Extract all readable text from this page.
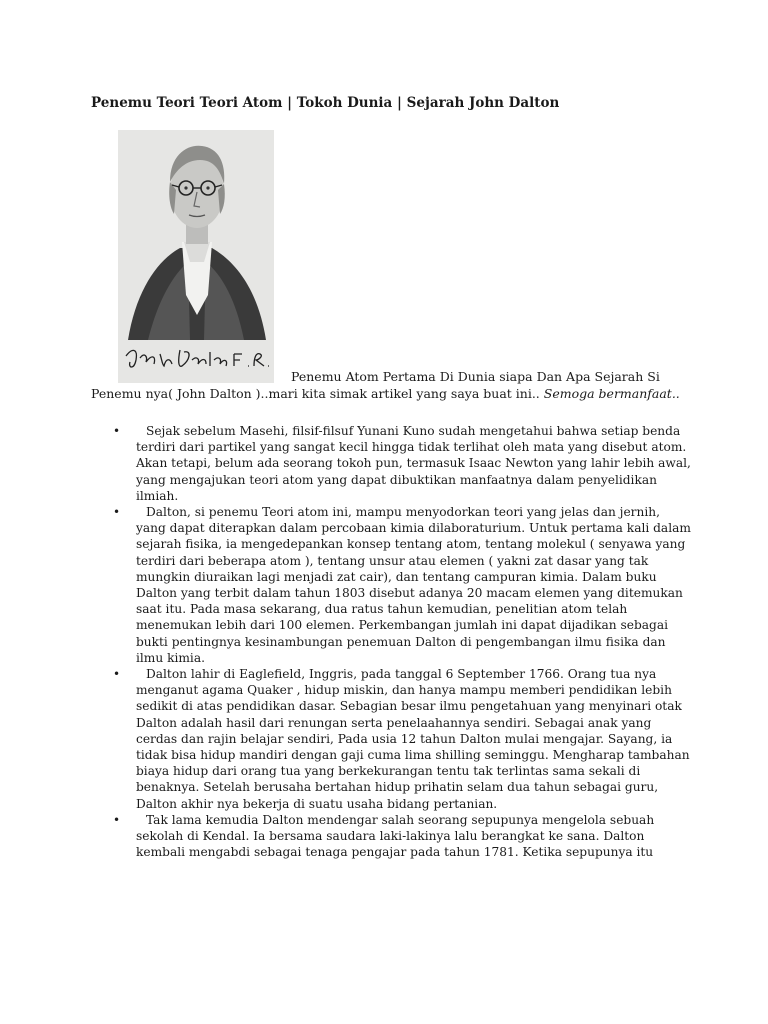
Penemu Teori Teori Atom | Tokoh Dunia | Sejarah John Dalton
Penemu Atom Pertama Di Dunia siapa Dan Apa Sejarah Si
Penemu nya( John Dalton )..mari kita simak artikel yang saya buat ini.. Semoga bermanfaat..
•	Sejak sebelum Masehi, filsif-filsuf Yunani Kuno sudah mengetahui bahwa setiap benda terdiri dari partikel yang sangat kecil hingga tidak terlihat oleh mata yang disebut atom. Akan tetapi, belum ada seorang tokoh pun, termasuk Isaac Newton yang lahir lebih awal, yang mengajukan teori atom yang dapat dibuktikan manfaatnya dalam penyelidikan ilmiah.
•	Dalton, si penemu Teori atom ini, mampu menyodorkan teori yang jelas dan jernih, yang dapat diterapkan dalam percobaan kimia dilaboraturium. Untuk pertama kali dalam sejarah fisika, ia mengedepankan konsep tentang atom, tentang molekul ( senyawa yang terdiri dari beberapa atom ), tentang unsur atau elemen ( yakni zat dasar yang tak mungkin diuraikan lagi menjadi zat cair), dan tentang campuran kimia. Dalam buku Dalton yang terbit dalam tahun 1803 disebut adanya 20 macam elemen yang ditemukan saat itu. Pada masa sekarang, dua ratus tahun kemudian, penelitian atom telah menemukan lebih dari 100 elemen. Perkembangan jumlah ini dapat dijadikan sebagai bukti pentingnya kesinambungan penemuan Dalton di pengembangan ilmu fisika dan ilmu kimia.
•	Dalton lahir di Eaglefield, Inggris, pada tanggal 6 September 1766. Orang tua nya menganut agama Quaker , hidup miskin, dan hanya mampu memberi pendidikan lebih sedikit di atas pendidikan dasar. Sebagian besar ilmu pengetahuan yang menyinari otak Dalton adalah hasil dari renungan serta penelaahannya sendiri. Sebagai anak yang cerdas dan rajin belajar sendiri, Pada usia 12 tahun Dalton mulai mengajar. Sayang, ia tidak bisa hidup mandiri dengan gaji cuma lima shilling seminggu. Mengharap tambahan biaya hidup dari orang tua yang berkekurangan tentu tak terlintas sama sekali di benaknya. Setelah berusaha bertahan hidup prihatin selam dua tahun sebagai guru, Dalton akhir nya bekerja di suatu usaha bidang pertanian.
•	Tak lama kemudia Dalton mendengar salah seorang sepupunya mengelola sebuah sekolah di Kendal. Ia bersama saudara laki-lakinya lalu berangkat ke sana. Dalton kembali mengabdi sebagai tenaga pengajar pada tahun 1781. Ketika sepupunya itu
